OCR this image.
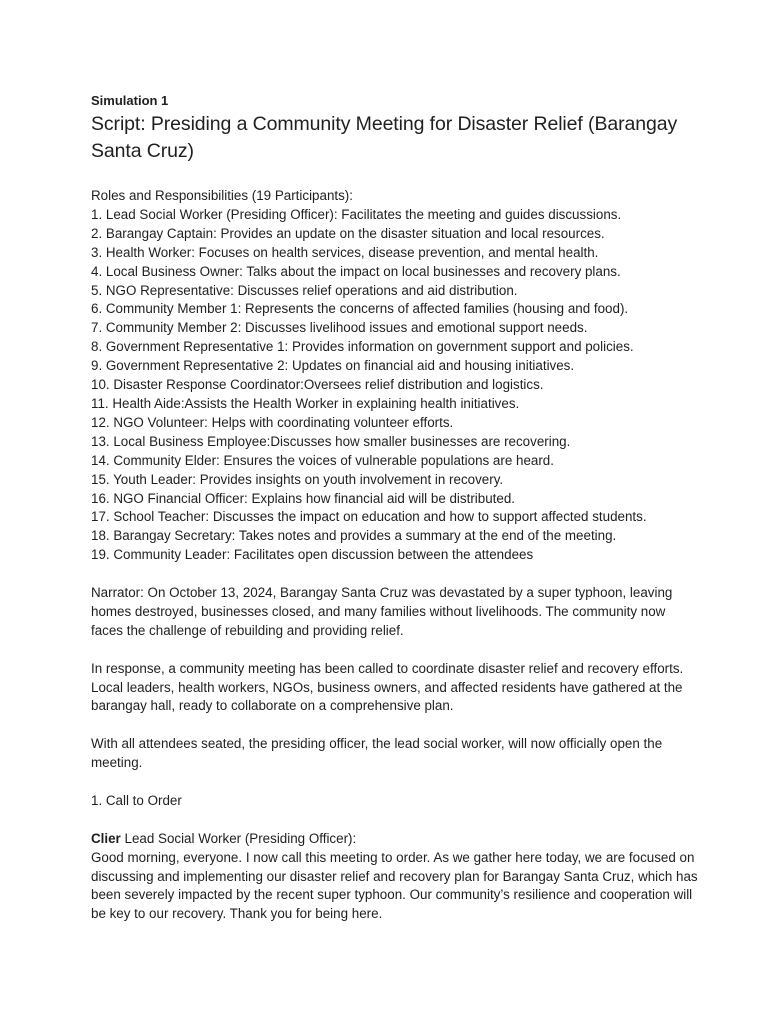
Simulation 1

Script: Presiding a Community Meeting for Disaster Relief (Barangay Santa Cruz)
Roles and Responsibilities (19 Participants):
1. Lead Social Worker (Presiding Officer): Facilitates the meeting and guides discussions.
2. Barangay Captain: Provides an update on the disaster situation and local resources.
3. Health Worker: Focuses on health services, disease prevention, and mental health.
4. Local Business Owner: Talks about the impact on local businesses and recovery plans.
5. NGO Representative: Discusses relief operations and aid distribution.
6. Community Member 1: Represents the concerns of affected families (housing and food).
7. Community Member 2: Discusses livelihood issues and emotional support needs.
8. Government Representative 1: Provides information on government support and policies.
9. Government Representative 2: Updates on financial aid and housing initiatives.
10. Disaster Response Coordinator:Oversees relief distribution and logistics.
11. Health Aide:Assists the Health Worker in explaining health initiatives.
12. NGO Volunteer: Helps with coordinating volunteer efforts.
13. Local Business Employee:Discusses how smaller businesses are recovering.
14. Community Elder: Ensures the voices of vulnerable populations are heard.
15. Youth Leader: Provides insights on youth involvement in recovery.
16. NGO Financial Officer: Explains how financial aid will be distributed.
17. School Teacher: Discusses the impact on education and how to support affected students.
18. Barangay Secretary: Takes notes and provides a summary at the end of the meeting.
19. Community Leader: Facilitates open discussion between the attendees

Narrator: On October 13, 2024, Barangay Santa Cruz was devastated by a super typhoon, leaving homes destroyed, businesses closed, and many families without livelihoods. The community now faces the challenge of rebuilding and providing relief.

In response, a community meeting has been called to coordinate disaster relief and recovery efforts. Local leaders, health workers, NGOs, business owners, and affected residents have gathered at the barangay hall, ready to collaborate on a comprehensive plan.

With all attendees seated, the presiding officer, the lead social worker, will now officially open the meeting.

1. Call to Order

Clier Lead Social Worker (Presiding Officer):

Good morning, everyone. I now call this meeting to order. As we gather here today, we are focused on discussing and implementing our disaster relief and recovery plan for Barangay Santa Cruz, which has been severely impacted by the recent super typhoon. Our community’s resilience and cooperation will be key to our recovery. Thank you for being here.
